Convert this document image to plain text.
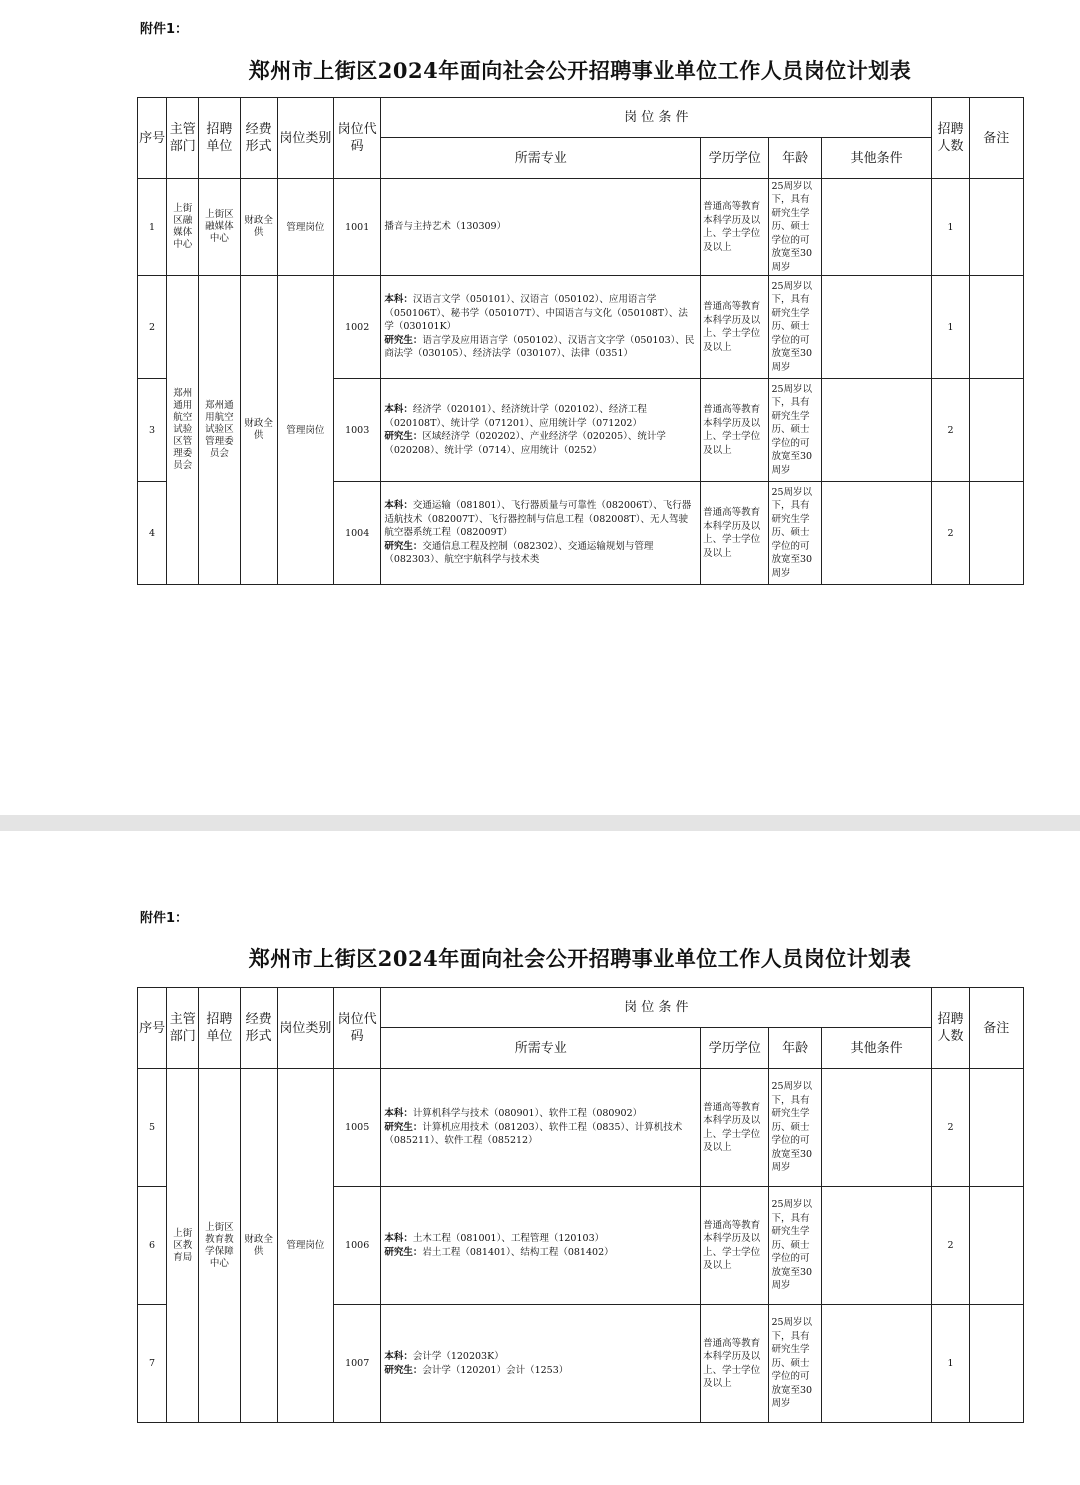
附件1：
郑州市上街区2024年面向社会公开招聘事业单位工作人员岗位计划表
序号	主管部门	招聘单位	经费形式	岗位类别	岗位代码	岗 位 条 件				招聘人数	备注
						所需专业	学历学位	年龄	其他条件		
1	上街区融媒体中心	上街区融媒体中心	财政全供	管理岗位	1001	播音与主持艺术（130309）	普通高等教育本科学历及以上、学士学位及以上	25周岁以下，具有研究生学历、硕士学位的可放宽至30周岁		1	
2	郑州通用航空试验区管理委员会	郑州通用航空试验区管理委员会	财政全供	管理岗位	1002	本科：汉语言文学（050101）、汉语言（050102）、应用语言学（050106T）、秘书学（050107T）、中国语言与文化（050108T）、法学（030101K）
研究生：语言学及应用语言学（050102）、汉语言文字学（050103）、民商法学（030105）、经济法学（030107）、法律（0351）	普通高等教育本科学历及以上、学士学位及以上	25周岁以下，具有研究生学历、硕士学位的可放宽至30周岁		1	
3					1003	本科：经济学（020101）、经济统计学（020102）、经济工程（020108T）、统计学（071201）、应用统计学（071202）
研究生：区域经济学（020202）、产业经济学（020205）、统计学（020208）、统计学（0714）、应用统计（0252）	普通高等教育本科学历及以上、学士学位及以上	25周岁以下，具有研究生学历、硕士学位的可放宽至30周岁		2	
4					1004	本科：交通运输（081801）、飞行器质量与可靠性（082006T）、飞行器适航技术（082007T）、飞行器控制与信息工程（082008T）、无人驾驶航空器系统工程（082009T）
研究生：交通信息工程及控制（082302）、交通运输规划与管理（082303）、航空宇航科学与技术类	普通高等教育本科学历及以上、学士学位及以上	25周岁以下，具有研究生学历、硕士学位的可放宽至30周岁		2	
附件1：
郑州市上街区2024年面向社会公开招聘事业单位工作人员岗位计划表
序号	主管部门	招聘单位	经费形式	岗位类别	岗位代码	岗 位 条 件				招聘人数	备注
						所需专业	学历学位	年龄	其他条件		
5	上街区教育局	上街区教育教学保障中心	财政全供	管理岗位	1005	本科：计算机科学与技术（080901）、软件工程（080902）
研究生：计算机应用技术（081203）、软件工程（0835）、计算机技术（085211）、软件工程（085212）	普通高等教育本科学历及以上、学士学位及以上	25周岁以下，具有研究生学历、硕士学位的可放宽至30周岁		2	
6					1006	本科：土木工程（081001）、工程管理（120103）
研究生：岩土工程（081401）、结构工程（081402）	普通高等教育本科学历及以上、学士学位及以上	25周岁以下，具有研究生学历、硕士学位的可放宽至30周岁		2	
7					1007	本科：会计学（120203K）
研究生：会计学（120201）会计（1253）	普通高等教育本科学历及以上、学士学位及以上	25周岁以下，具有研究生学历、硕士学位的可放宽至30周岁		1	
